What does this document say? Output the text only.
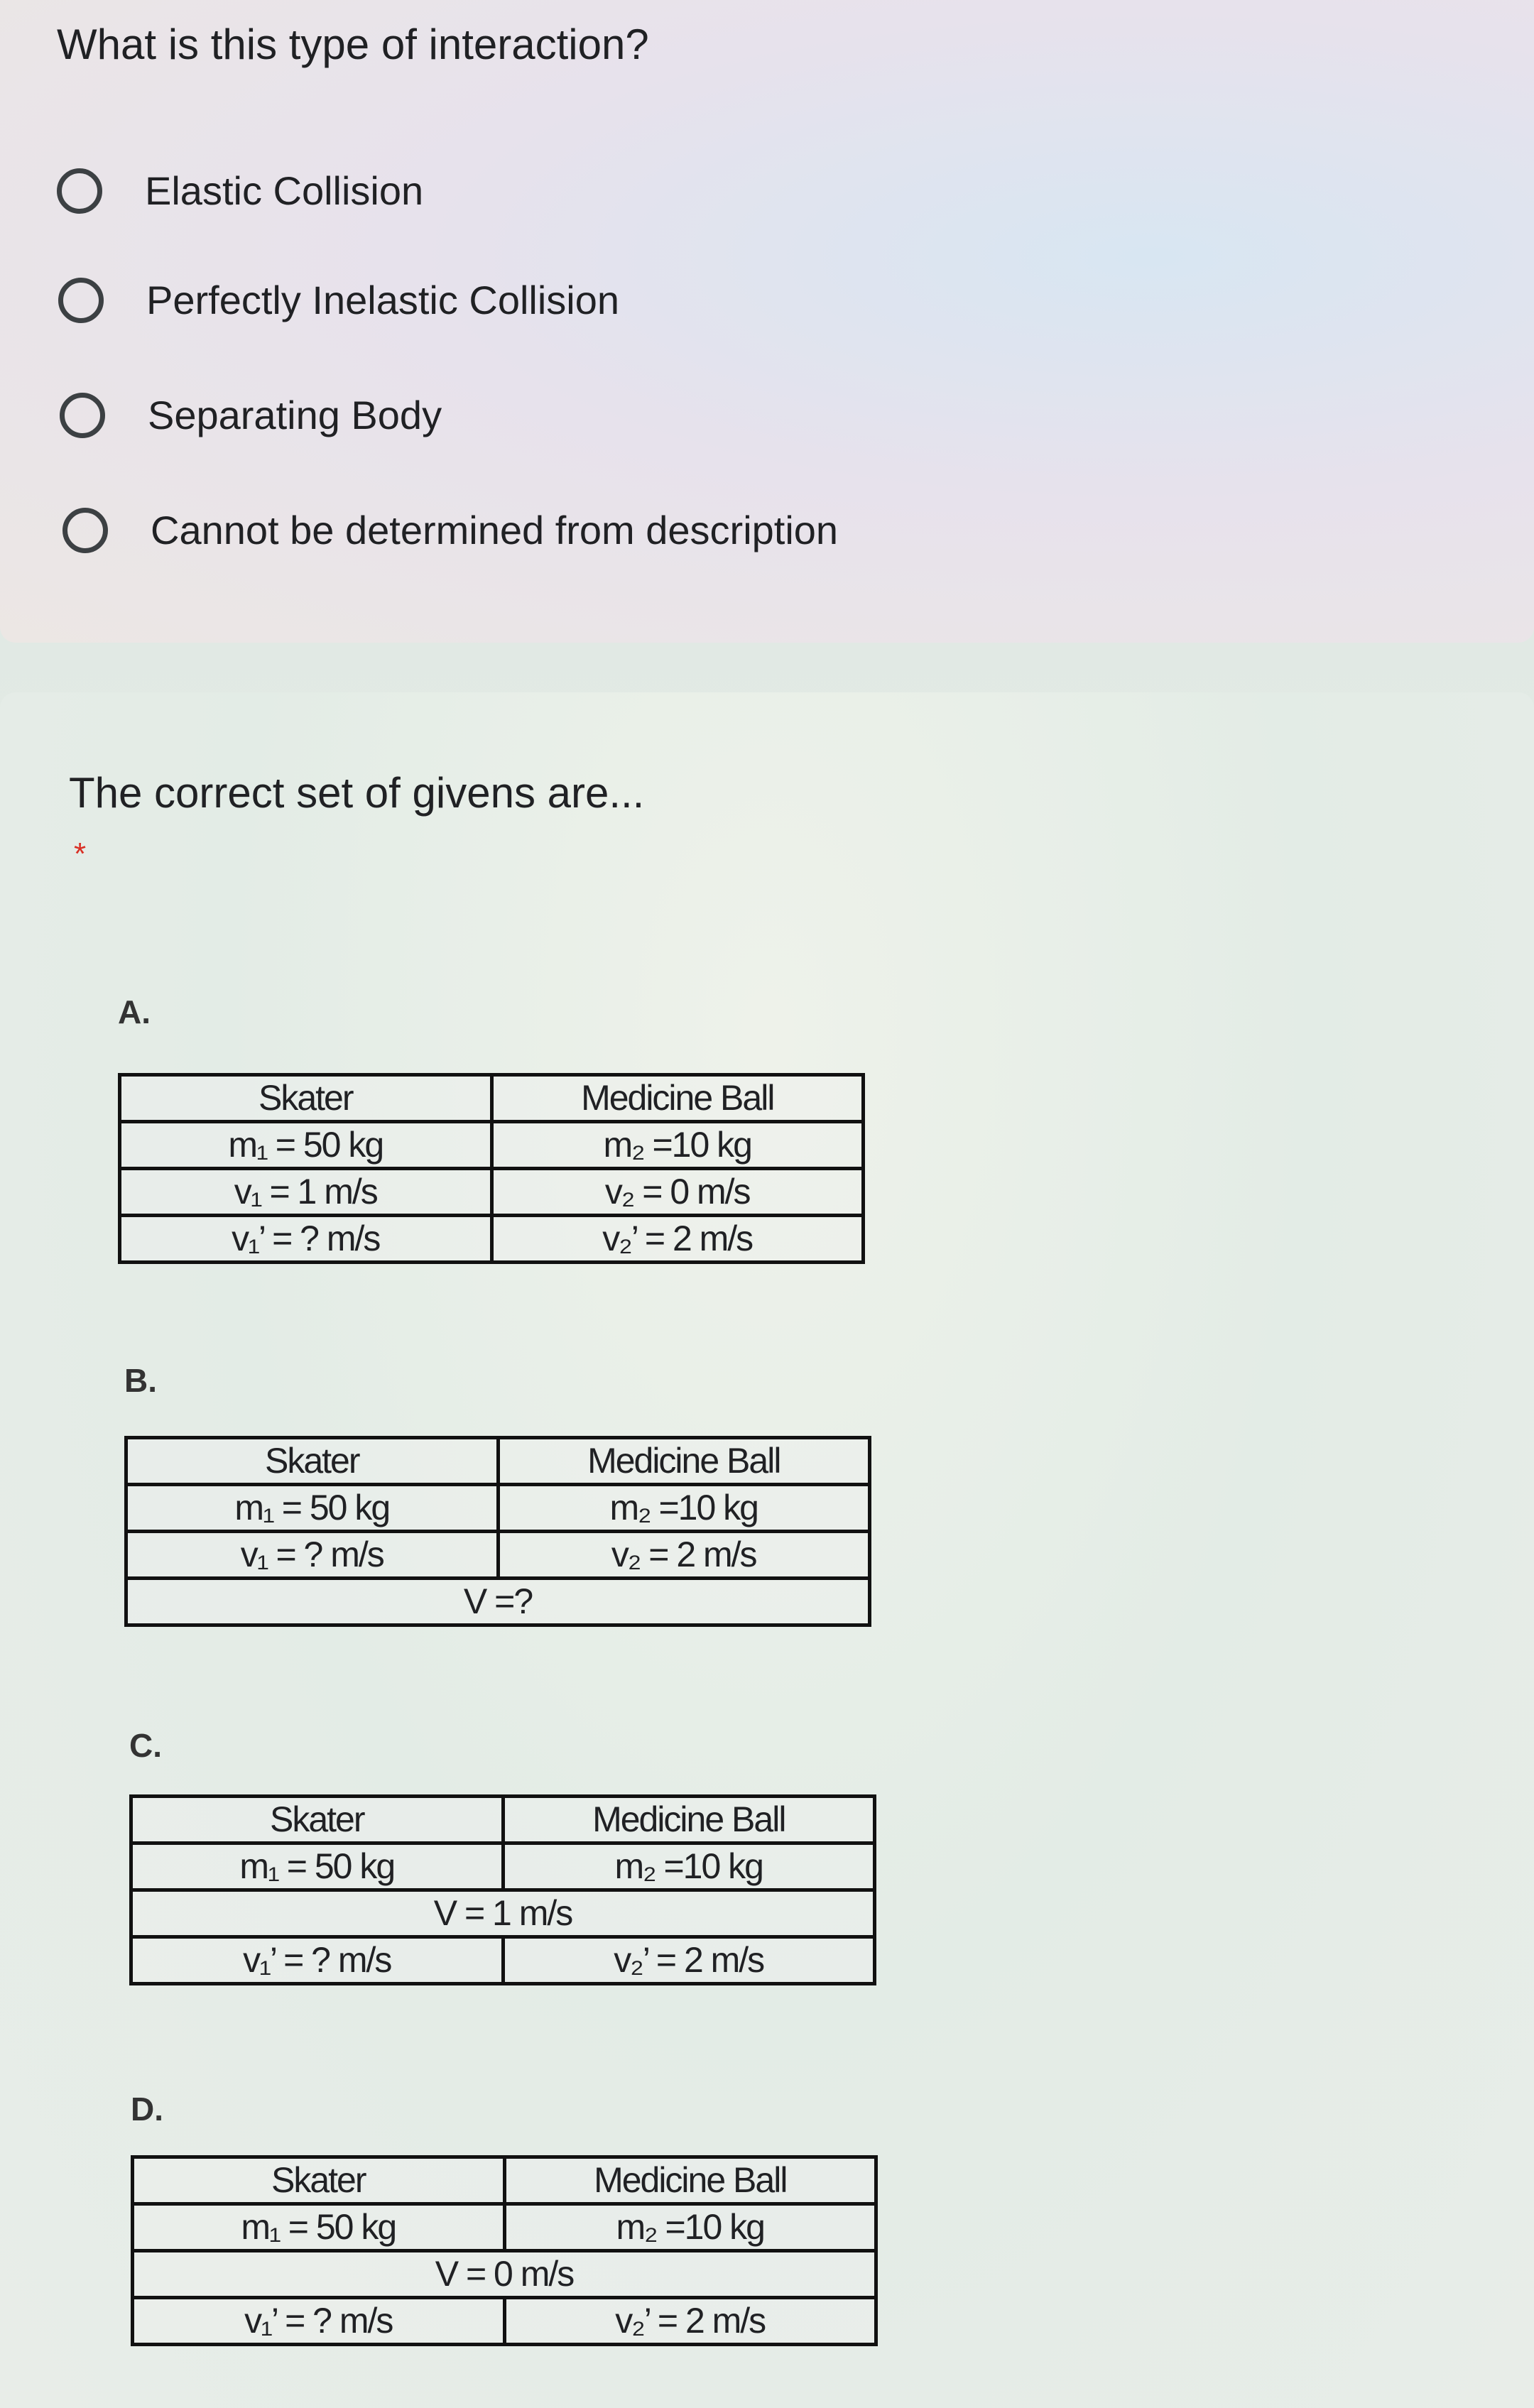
What is this type of interaction?
Elastic Collision
Perfectly Inelastic Collision
Separating Body
Cannot be determined from description
The correct set of givens are...
*
A.
Skater	Medicine Ball
m₁ = 50 kg	m₂ =10 kg
v₁ = 1 m/s	v₂ = 0 m/s
v₁’ = ? m/s	v₂’ = 2 m/s
B.
Skater	Medicine Ball
m₁ = 50 kg	m₂ =10 kg
v₁ = ? m/s	v₂ = 2 m/s
V =?	
C.
Skater	Medicine Ball
m₁ = 50 kg	m₂ =10 kg
V = 1 m/s	
v₁’ = ? m/s	v₂’ = 2 m/s
D.
Skater	Medicine Ball
m₁ = 50 kg	m₂ =10 kg
V = 0 m/s	
v₁’ = ? m/s	v₂’ = 2 m/s
